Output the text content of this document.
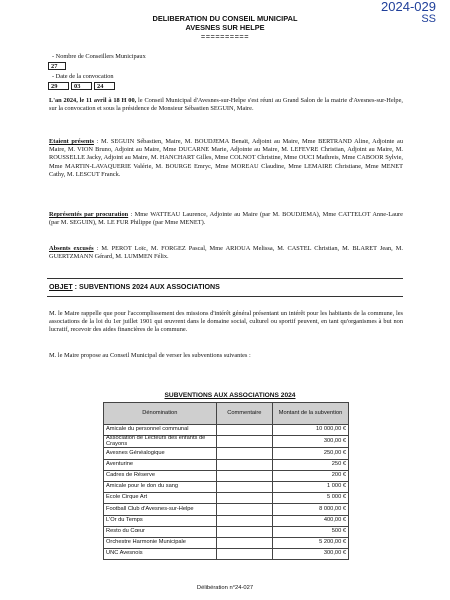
2024-029
SS
DELIBERATION DU CONSEIL MUNICIPAL
AVESNES SUR HELPE
==========
- Nombre de Conseillers Municipaux
27
- Date de la convocation
29	03	24
L'an 2024, le 11 avril à 18 H 00, le Conseil Municipal d'Avesnes-sur-Helpe s'est réuni au Grand Salon de la mairie d'Avesnes-sur-Helpe, sur la convocation et sous la présidence de Monsieur Sébastien SEGUIN, Maire.
Etaient présents : M. SEGUIN Sébastien, Maire, M. BOUDJEMA Benaït, Adjoint au Maire, Mme BERTRAND Aline, Adjointe au Maire, M. VION Bruno, Adjoint au Maire, Mme DUCARNE Marie, Adjointe au Maire, M. LEFEVRE Christian, Adjoint au Maire, M. ROUSSELLE Jacky, Adjoint au Maire, M. HANCHART Gilles, Mme COLNOT Christine, Mme OUCI Mathreis, Mme CABOOR Sylvie, Mme MARTIN-LAVAQUERIE Valérie, M. BOURGE Emryc, Mme MOREAU Claudine, Mme LEMAIRE Christiane, Mme MENET Cathy, M. LESCUT Franck.
Représentés par procuration : Mme WATTEAU Laurence, Adjointe au Maire (par M. BOUDJEMA), Mme CATTELOT Anne-Laure (par M. SEGUIN), M. LE FUR Philippe (par Mme MENET).
Absents excusés : M. PEROT Loïc, M. FORGEZ Pascal, Mme ARIOUA Melissa, M. CASTEL Christian, M. BLARET Jean, M. GUERTZMANN Gérard, M. LUMMEN Félix.
OBJET : SUBVENTIONS 2024 AUX ASSOCIATIONS
M. le Maire rappelle que pour l'accomplissement des missions d'intérêt général présentant un intérêt pour les habitants de la commune, les associations de la loi du 1er juillet 1901 qui œuvrent dans le domaine social, culturel ou sportif peuvent, en tant qu'organismes à but non lucratif, recevoir des aides financières de la commune.
M. le Maire propose au Conseil Municipal de verser les subventions suivantes :
SUBVENTIONS AUX ASSOCIATIONS 2024
Dénomination	Commentaire	Montant de la subvention
Amicale du personnel communal		10 000,00 €
Association de Lecteurs des enfants de Crayons		300,00 €
Avesnes Généalogique		250,00 €
Aventurine		250 €
Cadres de Réserve		200 €
Amicale pour le don du sang		1 000 €
Ecole Cirque Art		5 000 €
Football Club d'Avesnes-sur-Helpe		8 000,00 €
L'Or du Temps		400,00 €
Resto du Cœur		500 €
Orchestre Harmonie Municipale		5 200,00 €
UNC Avesnois		300,00 €
Délibération n°24-027
